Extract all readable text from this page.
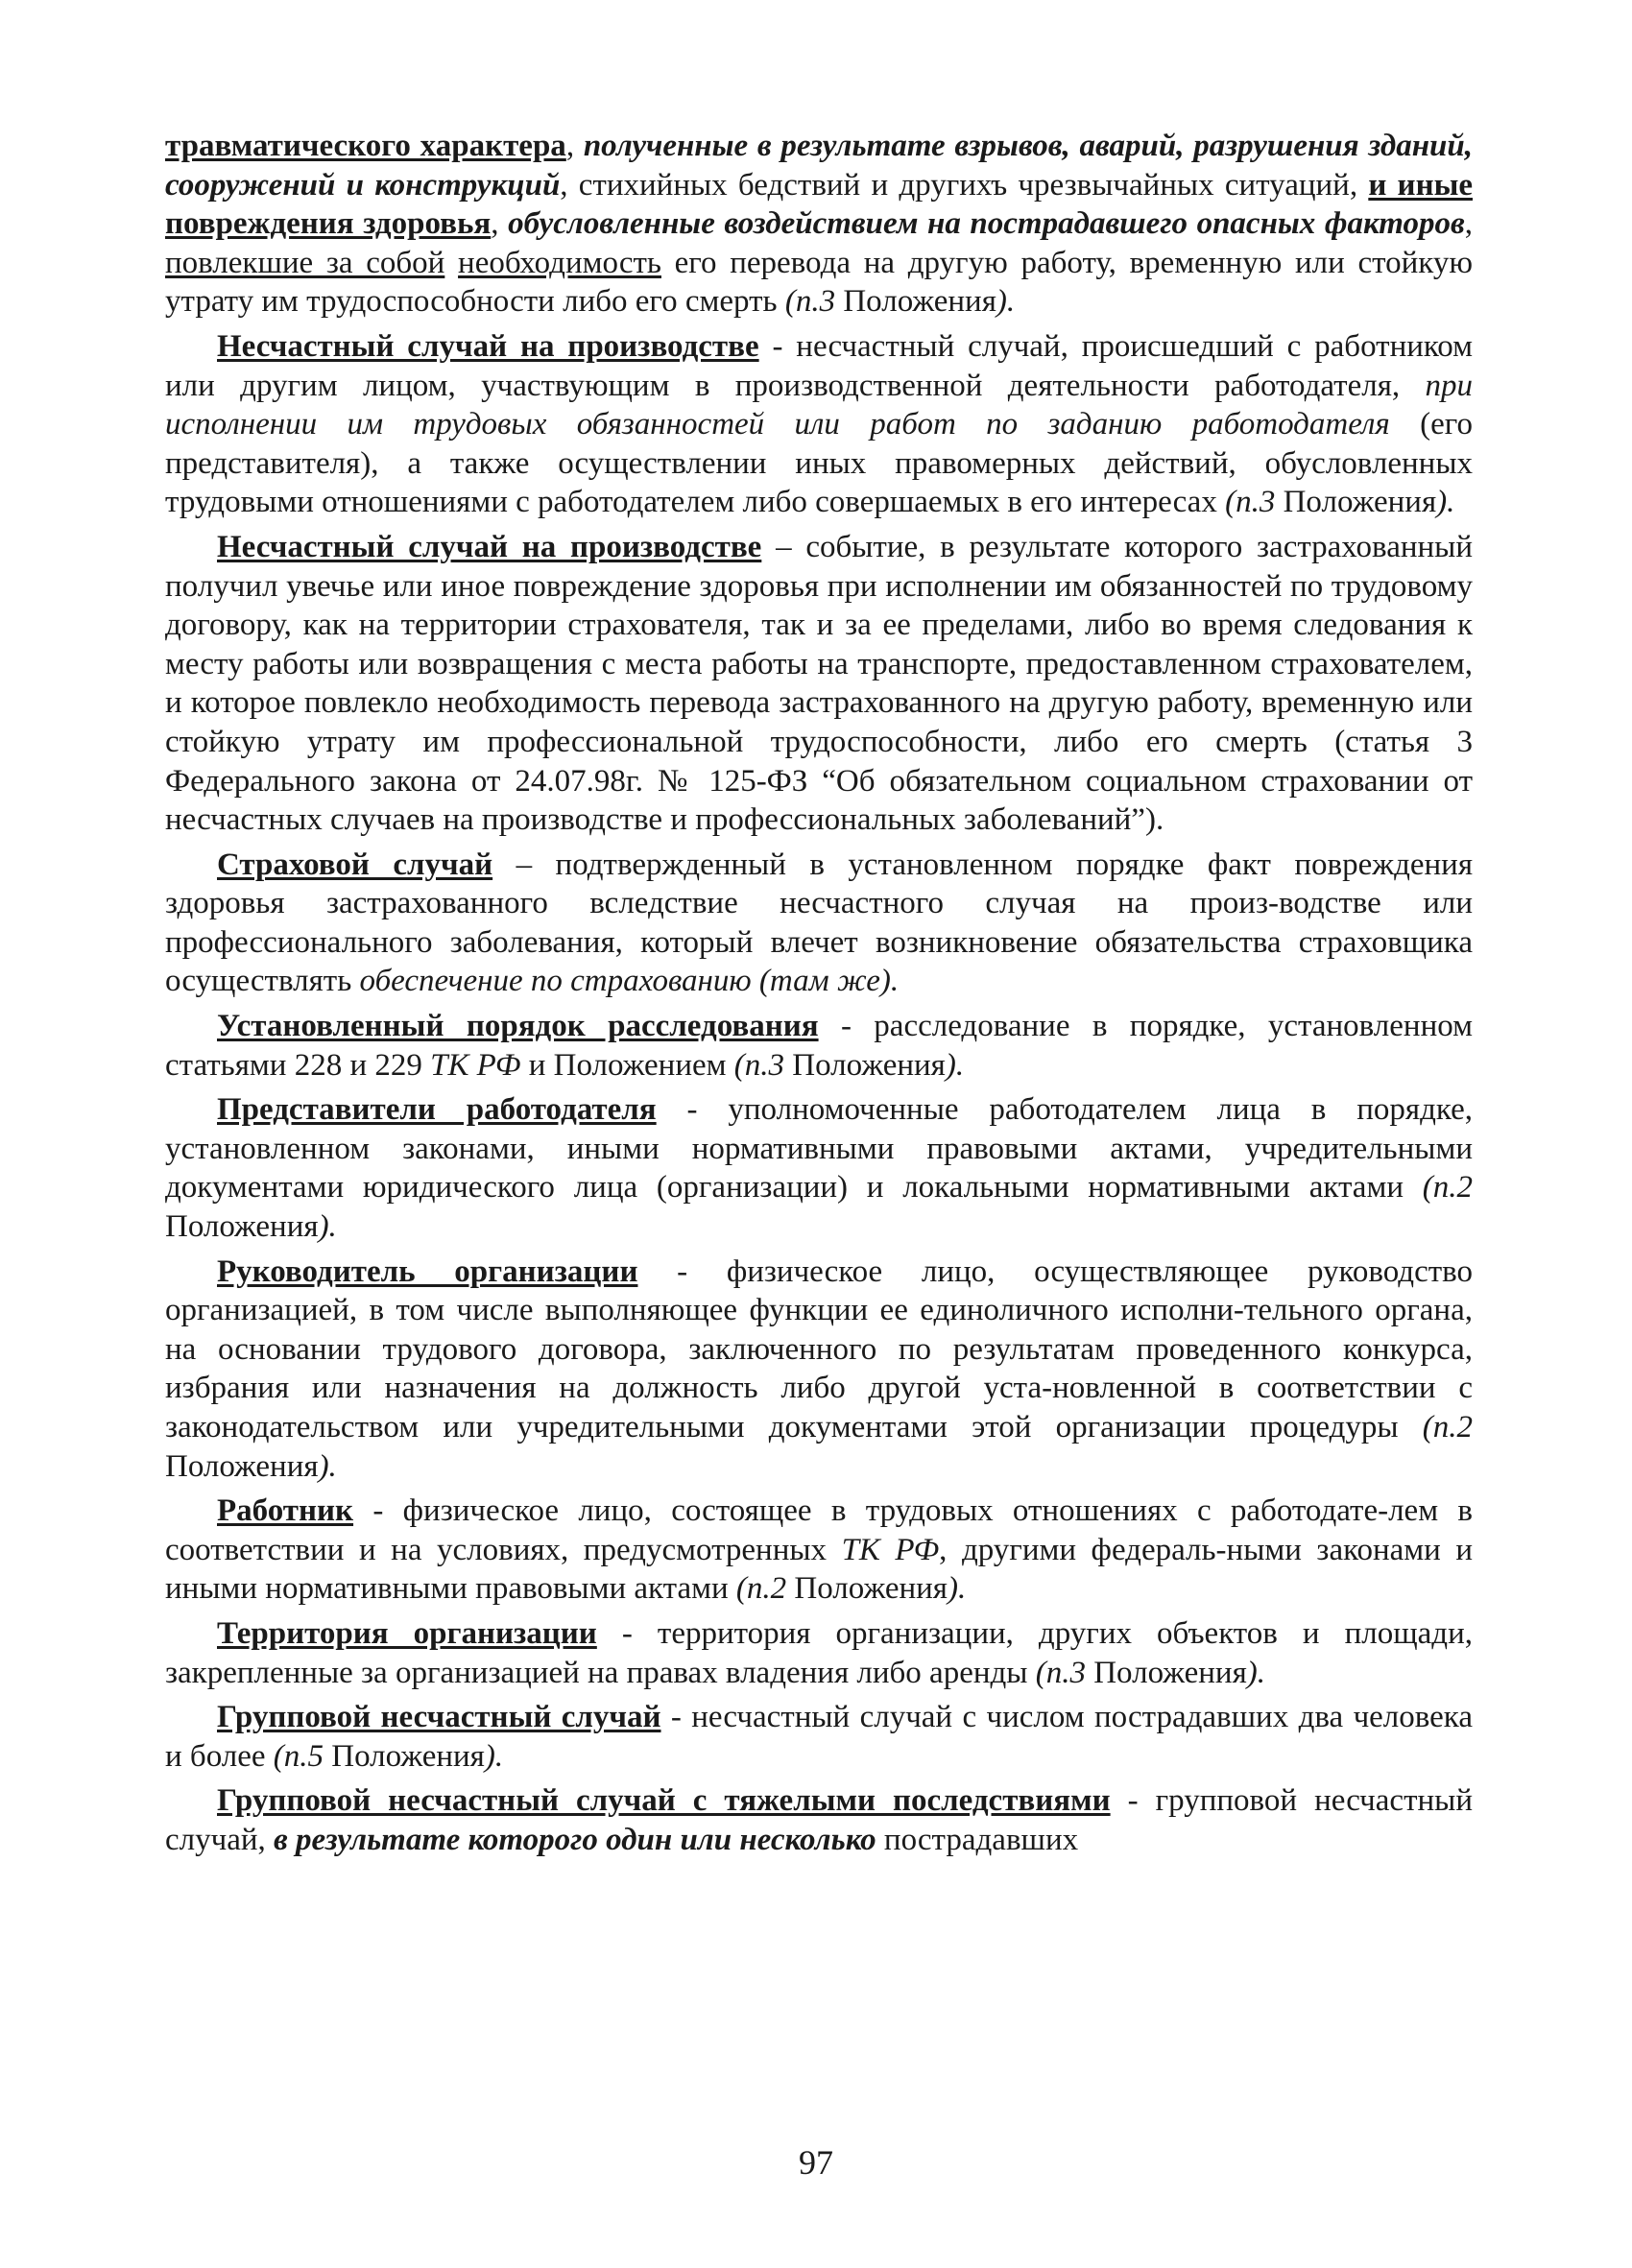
травматического характера, полученные в результате взрывов, аварий, разрушения зданий, сооружений и конструкций, стихийных бедствий и другихъ чрезвычайных ситуаций, и иные повреждения здоровья, обусловленные воздействием на пострадавшего опасных факторов, повлекшие за собой необходимость его перевода на другую работу, временную или стойкую утрату им трудоспособности либо его смерть (п.3 Положения).

Несчастный случай на производстве - несчастный случай, происшедший с работником или другим лицом, участвующим в производственной деятельности работодателя, при исполнении им трудовых обязанностей или работ по заданию работодателя (его представителя), а также осуществлении иных правомерных действий, обусловленных трудовыми отношениями с работодателем либо совершаемых в его интересах (п.3 Положения).

Несчастный случай на производстве – событие, в результате которого застрахованный получил увечье или иное повреждение здоровья при исполнении им обязанностей по трудовому договору, как на территории страхователя, так и за ее пределами, либо во время следования к месту работы или возвращения с места работы на транспорте, предоставленном страхователем, и которое повлекло необходимость перевода застрахованного на другую работу, временную или стойкую утрату им профессиональной трудоспособности, либо его смерть (статья 3 Федерального закона от 24.07.98г. № 125-ФЗ “Об обязательном социальном страховании от несчастных случаев на производстве и профессиональных заболеваний”).

Страховой случай – подтвержденный в установленном порядке факт повреждения здоровья застрахованного вследствие несчастного случая на произ-водстве или профессионального заболевания, который влечет возникновение обязательства страховщика осуществлять обеспечение по страхованию (там же).

Установленный порядок расследования - расследование в порядке, установленном статьями 228 и 229 ТК РФ и Положением (п.3 Положения).

Представители работодателя - уполномоченные работодателем лица в порядке, установленном законами, иными нормативными правовыми актами, учредительными документами юридического лица (организации) и локальными нормативными актами (п.2 Положения).

Руководитель организации - физическое лицо, осуществляющее руководство организацией, в том числе выполняющее функции ее единоличного исполни-тельного органа, на основании трудового договора, заключенного по результатам проведенного конкурса, избрания или назначения на должность либо другой уста-новленной в соответствии с законодательством или учредительными документами этой организации процедуры (п.2 Положения).

Работник - физическое лицо, состоящее в трудовых отношениях с работодате-лем в соответствии и на условиях, предусмотренных ТК РФ, другими федераль-ными законами и иными нормативными правовыми актами (п.2 Положения).

Территория организации - территория организации, других объектов и площади, закрепленные за организацией на правах владения либо аренды (п.3 Положения).

Групповой несчастный случай - несчастный случай с числом пострадавших два человека и более (п.5 Положения).

Групповой несчастный случай с тяжелыми последствиями - групповой несчастный случай, в результате которого один или несколько пострадавших

97
